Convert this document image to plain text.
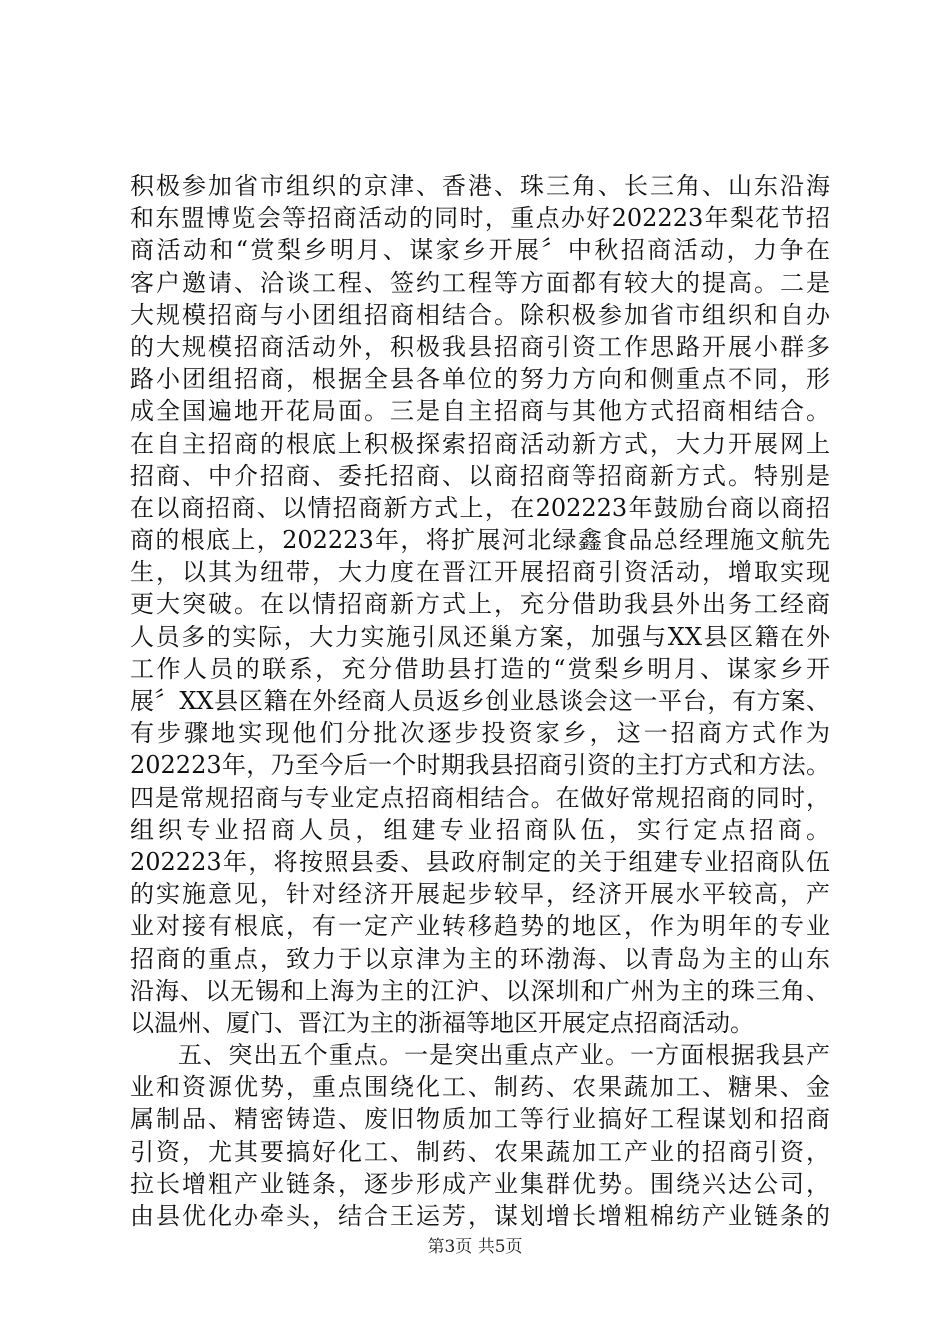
积极参加省市组织的京津、香港、珠三角、长三角、山东沿海
和东盟博览会等招商活动的同时，重点办好202223年梨花节招
商活动和“赏梨乡明月、谋家乡开展〞中秋招商活动，力争在
客户邀请、洽谈工程、签约工程等方面都有较大的提高。二是
大规模招商与小团组招商相结合。除积极参加省市组织和自办
的大规模招商活动外，积极我县招商引资工作思路开展小群多
路小团组招商，根据全县各单位的努力方向和侧重点不同，形
成全国遍地开花局面。三是自主招商与其他方式招商相结合。
在自主招商的根底上积极探索招商活动新方式，大力开展网上
招商、中介招商、委托招商、以商招商等招商新方式。特别是
在以商招商、以情招商新方式上，在202223年鼓励台商以商招
商的根底上，202223年，将扩展河北绿鑫食品总经理施文航先
生，以其为纽带，大力度在晋江开展招商引资活动，增取实现
更大突破。在以情招商新方式上，充分借助我县外出务工经商
人员多的实际，大力实施引凤还巢方案，加强与XX县区籍在外
工作人员的联系，充分借助县打造的“赏梨乡明月、谋家乡开
展〞XX县区籍在外经商人员返乡创业恳谈会这一平台，有方案、
有步骤地实现他们分批次逐步投资家乡，这一招商方式作为
202223年，乃至今后一个时期我县招商引资的主打方式和方法。
四是常规招商与专业定点招商相结合。在做好常规招商的同时，
组织专业招商人员，组建专业招商队伍，实行定点招商。
202223年，将按照县委、县政府制定的关于组建专业招商队伍
的实施意见，针对经济开展起步较早，经济开展水平较高，产
业对接有根底，有一定产业转移趋势的地区，作为明年的专业
招商的重点，致力于以京津为主的环渤海、以青岛为主的山东
沿海、以无锡和上海为主的江沪、以深圳和广州为主的珠三角、
以温州、厦门、晋江为主的浙福等地区开展定点招商活动。
五、突出五个重点。一是突出重点产业。一方面根据我县产
业和资源优势，重点围绕化工、制药、农果蔬加工、糖果、金
属制品、精密铸造、废旧物质加工等行业搞好工程谋划和招商
引资，尤其要搞好化工、制药、农果蔬加工产业的招商引资，
拉长增粗产业链条，逐步形成产业集群优势。围绕兴达公司，
由县优化办牵头，结合王运芳，谋划增长增粗棉纺产业链条的
第3页 共5页
